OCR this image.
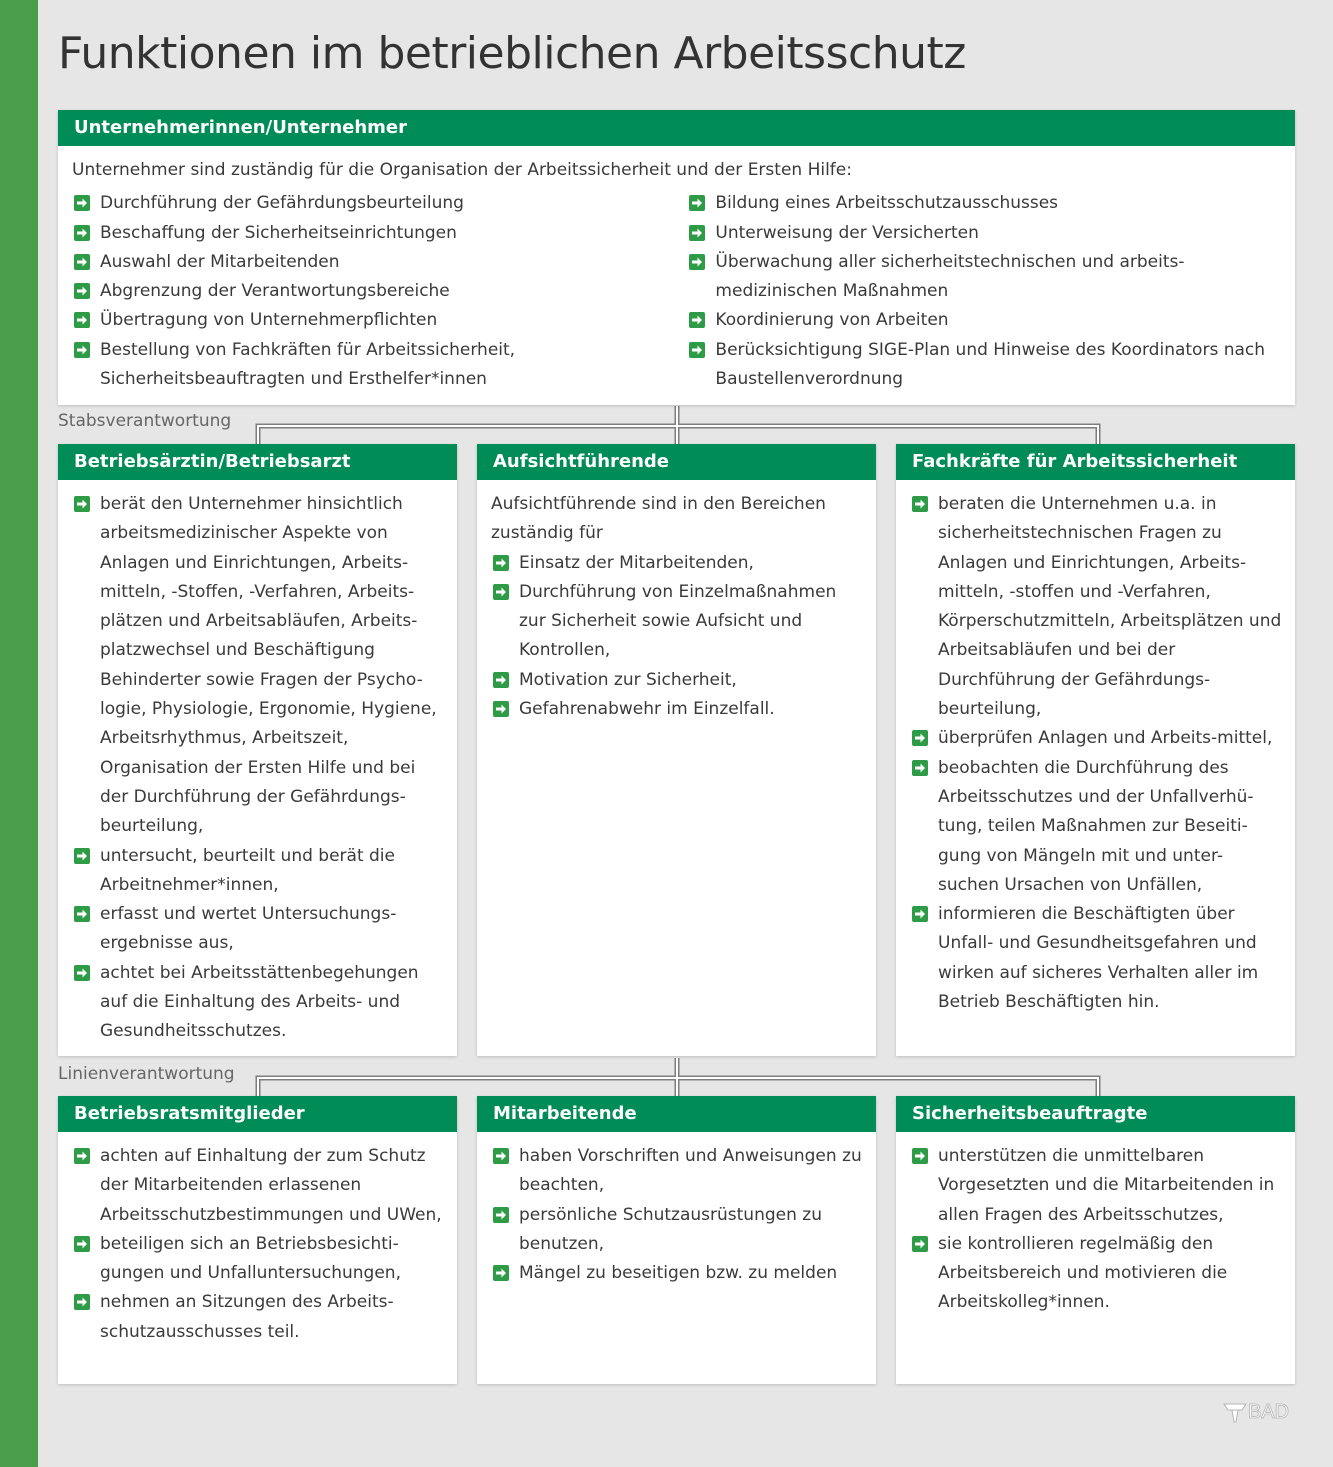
Funktionen im betrieblichen Arbeitsschutz
Unternehmerinnen/Unternehmer

Unternehmer sind zuständig für die Organisation der Arbeitssicherheit und der Ersten Hilfe:

Durchführung der Gefährdungsbeurteilung
Beschaffung der Sicherheitseinrichtungen
Auswahl der Mitarbeitenden
Abgrenzung der Verantwortungsbereiche
Übertragung von Unternehmerpflichten
Bestellung von Fachkräften für Arbeitssicherheit, Sicherheitsbeauftragten und Ersthelfer*innen
Bildung eines Arbeitsschutzausschusses
Unterweisung der Versicherten
Überwachung aller sicherheitstechnischen und arbeits-medizinischen Maßnahmen
Koordinierung von Arbeiten
Berücksichtigung SIGE-Plan und Hinweise des Koordinators nach Baustellenverordnung
Stabsverantwortung
Betriebsärztin/Betriebsarzt
berät den Unternehmer hinsichtlich arbeitsmedizinischer Aspekte von Anlagen und Einrichtungen, Arbeits-mitteln, -Stoffen, -Verfahren, Arbeits-plätzen und Arbeitsabläufen, Arbeits-platzwechsel und Beschäftigung Behinderter sowie Fragen der Psycho-logie, Physiologie, Ergonomie, Hygiene, Arbeitsrhythmus, Arbeitszeit, Organisation der Ersten Hilfe und bei der Durchführung der Gefährdungs-beurteilung,
untersucht, beurteilt und berät die Arbeitnehmer*innen,
erfasst und wertet Untersuchungs-ergebnisse aus,
achtet bei Arbeitsstättenbegehungen auf die Einhaltung des Arbeits- und Gesundheitsschutzes.
Aufsichtführende

Aufsichtführende sind in den Bereichen zuständig für

Einsatz der Mitarbeitenden,
Durchführung von Einzelmaßnahmen zur Sicherheit sowie Aufsicht und Kontrollen,
Motivation zur Sicherheit,
Gefahrenabwehr im Einzelfall.
Fachkräfte für Arbeitssicherheit
beraten die Unternehmen u.a. in sicherheitstechnischen Fragen zu Anlagen und Einrichtungen, Arbeits-mitteln, -stoffen und -Verfahren, Körperschutzmitteln, Arbeitsplätzen und Arbeitsabläufen und bei der Durchführung der Gefährdungs-beurteilung,
überprüfen Anlagen und Arbeits-mittel,
beobachten die Durchführung des Arbeitsschutzes und der Unfallverhü-tung, teilen Maßnahmen zur Beseiti-gung von Mängeln mit und unter-suchen Ursachen von Unfällen,
informieren die Beschäftigten über Unfall- und Gesundheitsgefahren und wirken auf sicheres Verhalten aller im Betrieb Beschäftigten hin.
Linienverantwortung
Betriebsratsmitglieder
achten auf Einhaltung der zum Schutz der Mitarbeitenden erlassenen Arbeitsschutzbestimmungen und UWen,
beteiligen sich an Betriebsbesichti-gungen und Unfalluntersuchungen,
nehmen an Sitzungen des Arbeits-schutzausschusses teil.
Mitarbeitende
haben Vorschriften und Anweisungen zu beachten,
persönliche Schutzausrüstungen zu benutzen,
Mängel zu beseitigen bzw. zu melden
Sicherheitsbeauftragte
unterstützen die unmittelbaren Vorgesetzten und die Mitarbeitenden in allen Fragen des Arbeitsschutzes,
sie kontrollieren regelmäßig den Arbeitsbereich und motivieren die Arbeitskolleg*innen.
BAD
